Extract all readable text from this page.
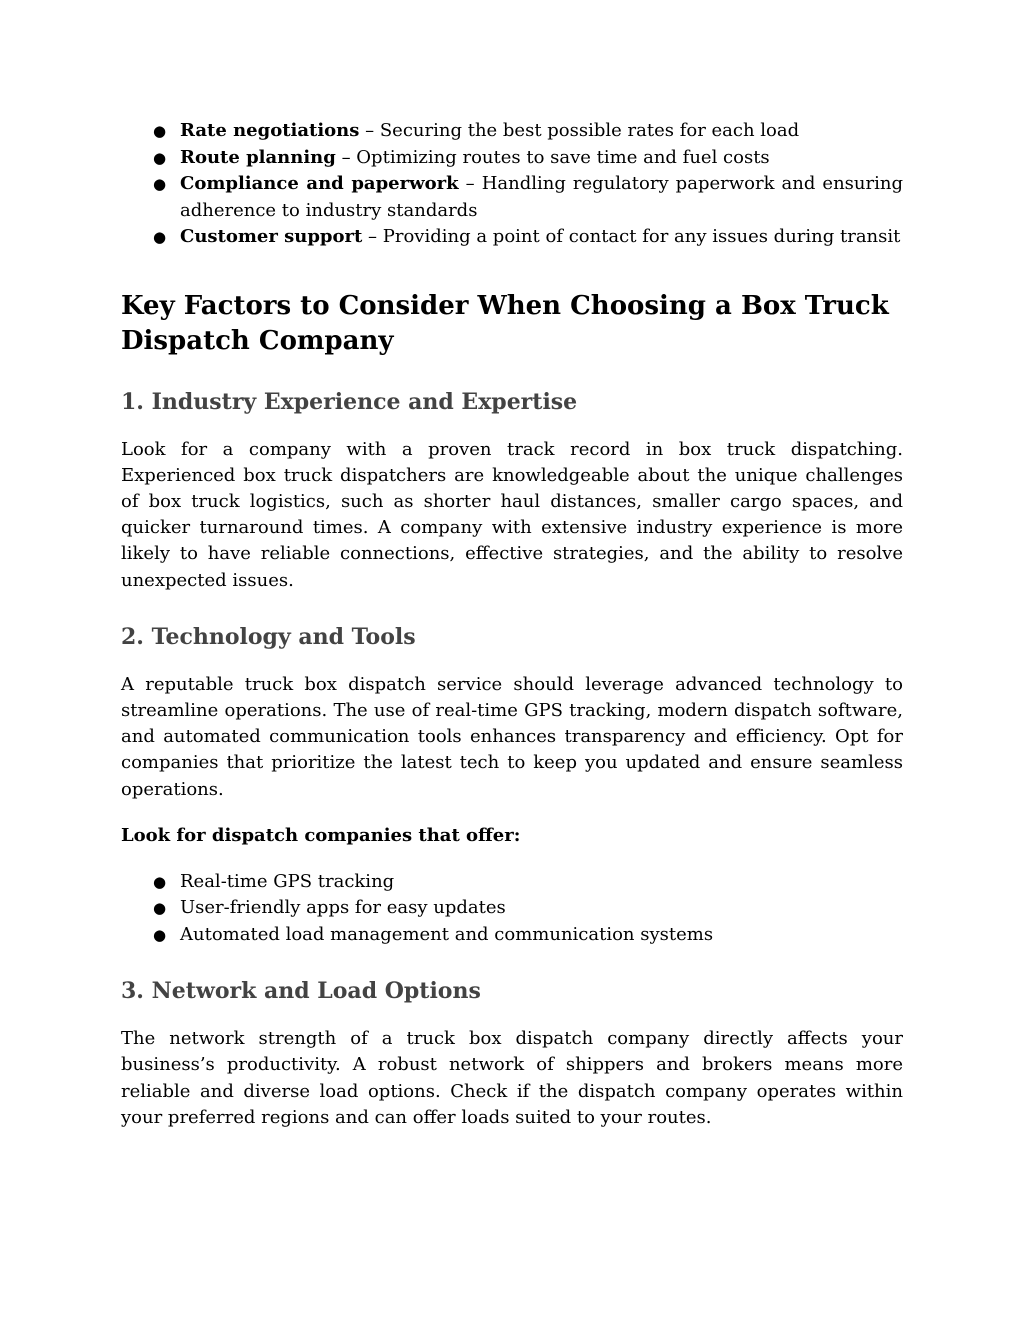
● Rate negotiations – Securing the best possible rates for each load
● Route planning – Optimizing routes to save time and fuel costs
● Compliance and paperwork – Handling regulatory paperwork and ensuring adherence to industry standards
● Customer support – Providing a point of contact for any issues during transit
Key Factors to Consider When Choosing a Box Truck Dispatch Company
1. Industry Experience and Expertise

Look for a company with a proven track record in box truck dispatching. Experienced box truck dispatchers are knowledgeable about the unique challenges of box truck logistics, such as shorter haul distances, smaller cargo spaces, and quicker turnaround times. A company with extensive industry experience is more likely to have reliable connections, effective strategies, and the ability to resolve unexpected issues.

2. Technology and Tools

A reputable truck box dispatch service should leverage advanced technology to streamline operations. The use of real-time GPS tracking, modern dispatch software, and automated communication tools enhances transparency and efficiency. Opt for companies that prioritize the latest tech to keep you updated and ensure seamless operations.

Look for dispatch companies that offer:

● Real-time GPS tracking
● User-friendly apps for easy updates
● Automated load management and communication systems
3. Network and Load Options

The network strength of a truck box dispatch company directly affects your business’s productivity. A robust network of shippers and brokers means more reliable and diverse load options. Check if the dispatch company operates within your preferred regions and can offer loads suited to your routes.
